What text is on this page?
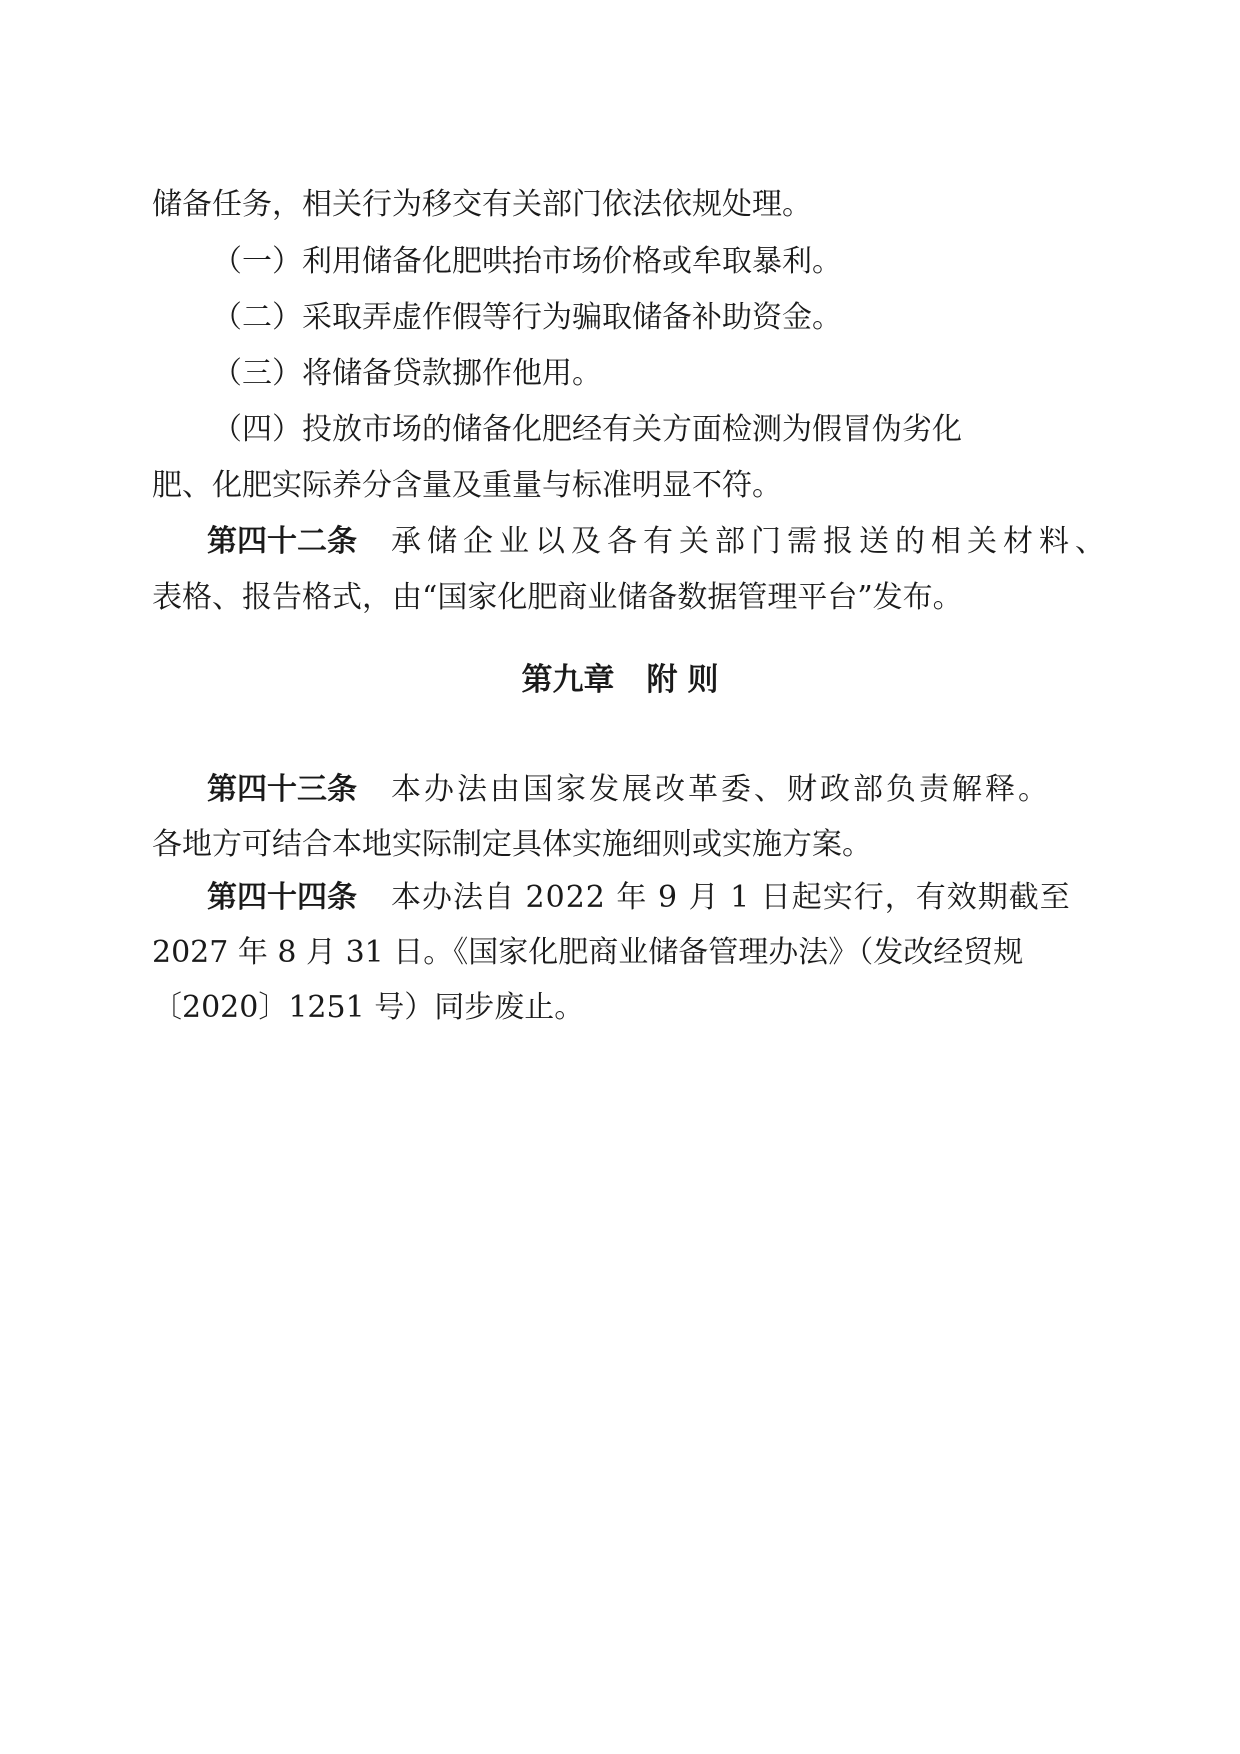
储备任务，相关行为移交有关部门依法依规处理。
（一）利用储备化肥哄抬市场价格或牟取暴利。
（二）采取弄虚作假等行为骗取储备补助资金。
（三）将储备贷款挪作他用。
（四）投放市场的储备化肥经有关方面检测为假冒伪劣化
肥、化肥实际养分含量及重量与标准明显不符。
第四十二条 承储企业以及各有关部门需报送的相关材料、
表格、报告格式，由“国家化肥商业储备数据管理平台”发布。
第九章 附 则
第四十三条 本办法由国家发展改革委、财政部负责解释。
各地方可结合本地实际制定具体实施细则或实施方案。
第四十四条 本办法自 2022 年 9 月 1 日起实行，有效期截至
2027 年 8 月 31 日。《国家化肥商业储备管理办法》（发改经贸规
〔2020〕1251 号）同步废止。
